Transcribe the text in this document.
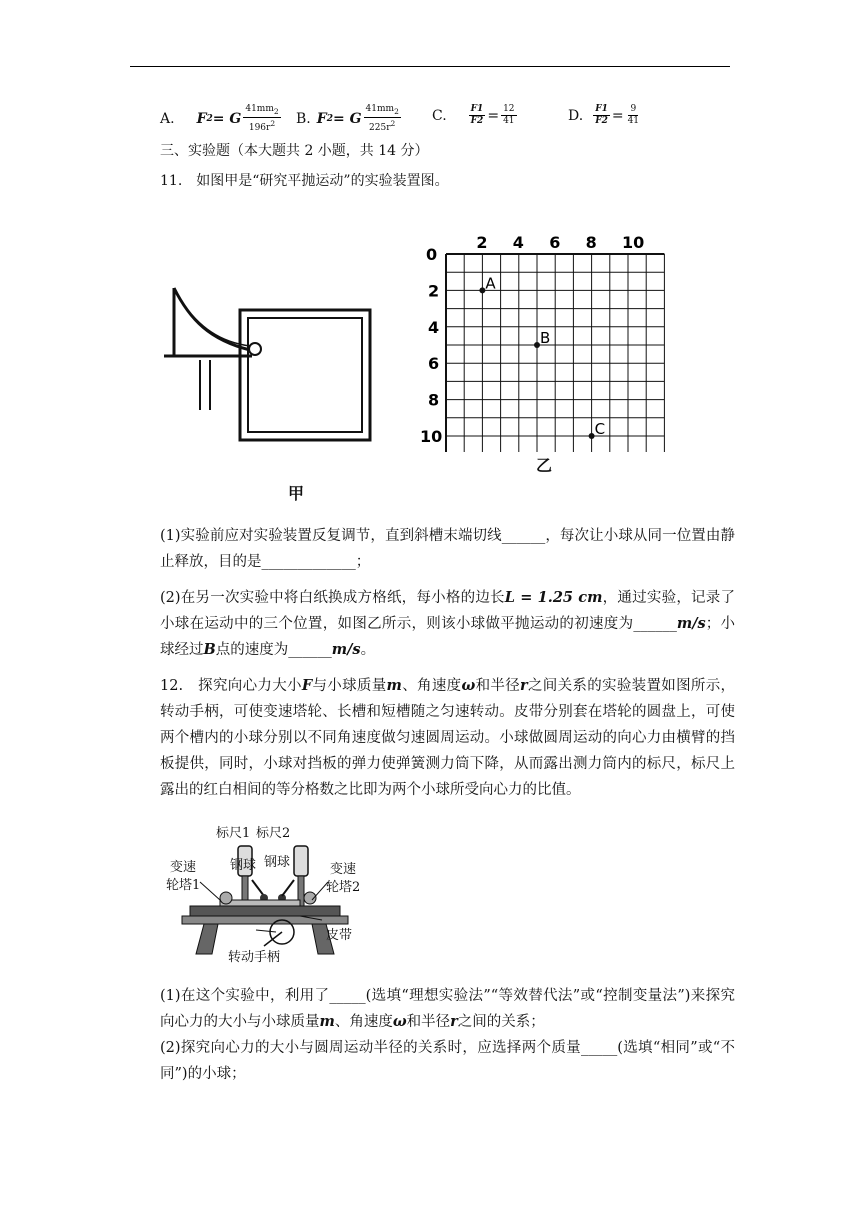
A. F 2 = G $\frac{41mm_2}{196r^2} B$. F 2 = G $\frac{41mm_2}{225r^2} C$. $\frac{F1}{F2} = \frac{12}{41}$	D. $\frac{F1}{F2} = \frac{9}{41}$
三、实验题（本大题共 2 小题，共 14 分）
11.　如图甲是“研究平抛运动”的实验装置图。
甲
0
2 4 6 8 10
2
4
6
8
10
A
B
C
乙
(1)实验前应对实验装置反复调节，直到斜槽末端切线______，每次让小球从同一位置由静止释放，目的是_____________；
(2)在另一次实验中将白纸换成方格纸，每小格的边长L = 1.25 cm，通过实验，记录了小球在运动中的三个位置，如图乙所示，则该小球做平抛运动的初速度为______m/s；小球经过B点的速度为______m/s。
12.　探究向心力大小F与小球质量m、角速度ω和半径r之间关系的实验装置如图所示，转动手柄，可使变速塔轮、长槽和短槽随之匀速转动。皮带分别套在塔轮的圆盘上，可使两个槽内的小球分别以不同角速度做匀速圆周运动。小球做圆周运动的向心力由横臂的挡板提供，同时，小球对挡板的弹力使弹簧测力筒下降，从而露出测力筒内的标尺，标尺上露出的红白相间的等分格数之比即为两个小球所受向心力的比值。
标尺1 标尺2
变速
轮塔1
钢球 钢球	变速
轮塔2
皮带
转动手柄
(1)在这个实验中，利用了_____(选填“理想实验法”“等效替代法”或“控制变量法”)来探究向心力的大小与小球质量m、角速度ω和半径r之间的关系；
(2)探究向心力的大小与圆周运动半径的关系时，应选择两个质量_____(选填“相同”或“不同”)的小球；
